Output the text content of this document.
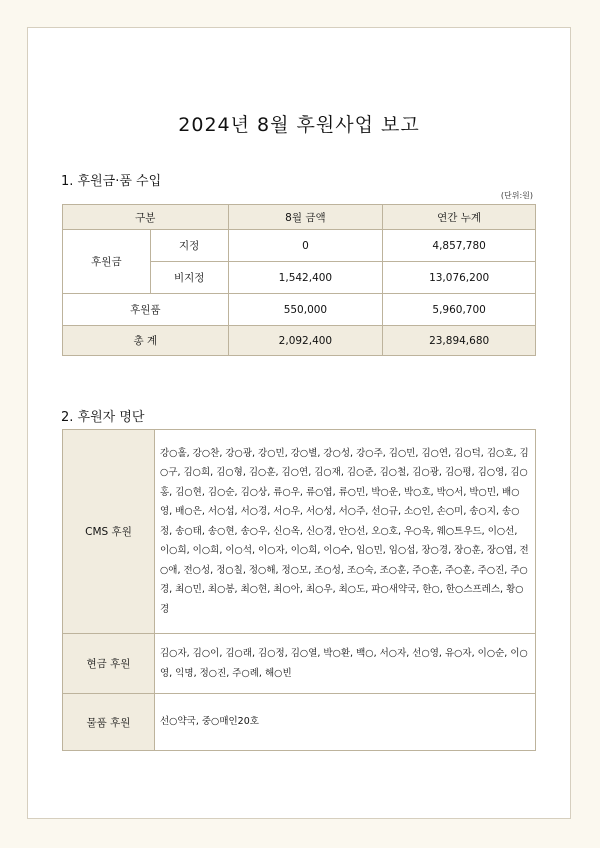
2024년 8월 후원사업 보고
1. 후원금·품 수입
(단위:원)
구분		8월 금액	연간 누계
후원금	지정	0	4,857,780
	비지정	1,542,400	13,076,200
후원품		550,000	5,960,700
총 계		2,092,400	23,894,680
2. 후원자 명단
CMS 후원	강○홀, 강○찬, 강○광, 강○민, 강○별, 강○성, 강○주, 김○민, 김○연, 김○덕, 김○호, 김○구, 김○희, 김○형, 김○훈, 김○연, 김○재, 김○준, 김○철, 김○광, 김○평, 김○영, 김○홍, 김○현, 김○순, 김○상, 류○우, 류○엽, 류○민, 박○운, 박○호, 박○서, 박○민, 배○영, 배○은, 서○섭, 서○경, 서○우, 서○성, 서○주, 선○규, 소○인, 손○미, 송○지, 송○정, 송○태, 송○현, 송○우, 신○옥, 신○경, 안○선, 오○호, 우○욱, 웨○트우드, 이○선, 이○희, 이○희, 이○석, 이○자, 이○희, 이○수, 임○민, 임○섭, 장○경, 장○훈, 장○엽, 전○애, 전○성, 정○칠, 정○해, 정○모, 조○성, 조○숙, 조○훈, 주○훈, 주○훈, 주○진, 주○경, 최○민, 최○봉, 최○현, 최○아, 최○우, 최○도, 파○새약국, 한○, 한○스프레스, 황○경
현금 후원	김○자, 김○이, 김○래, 김○정, 김○열, 박○환, 백○, 서○자, 선○영, 유○자, 이○순, 이○영, 익명, 정○진, 주○례, 해○빈
물품 후원	선○약국, 중○매인20호
